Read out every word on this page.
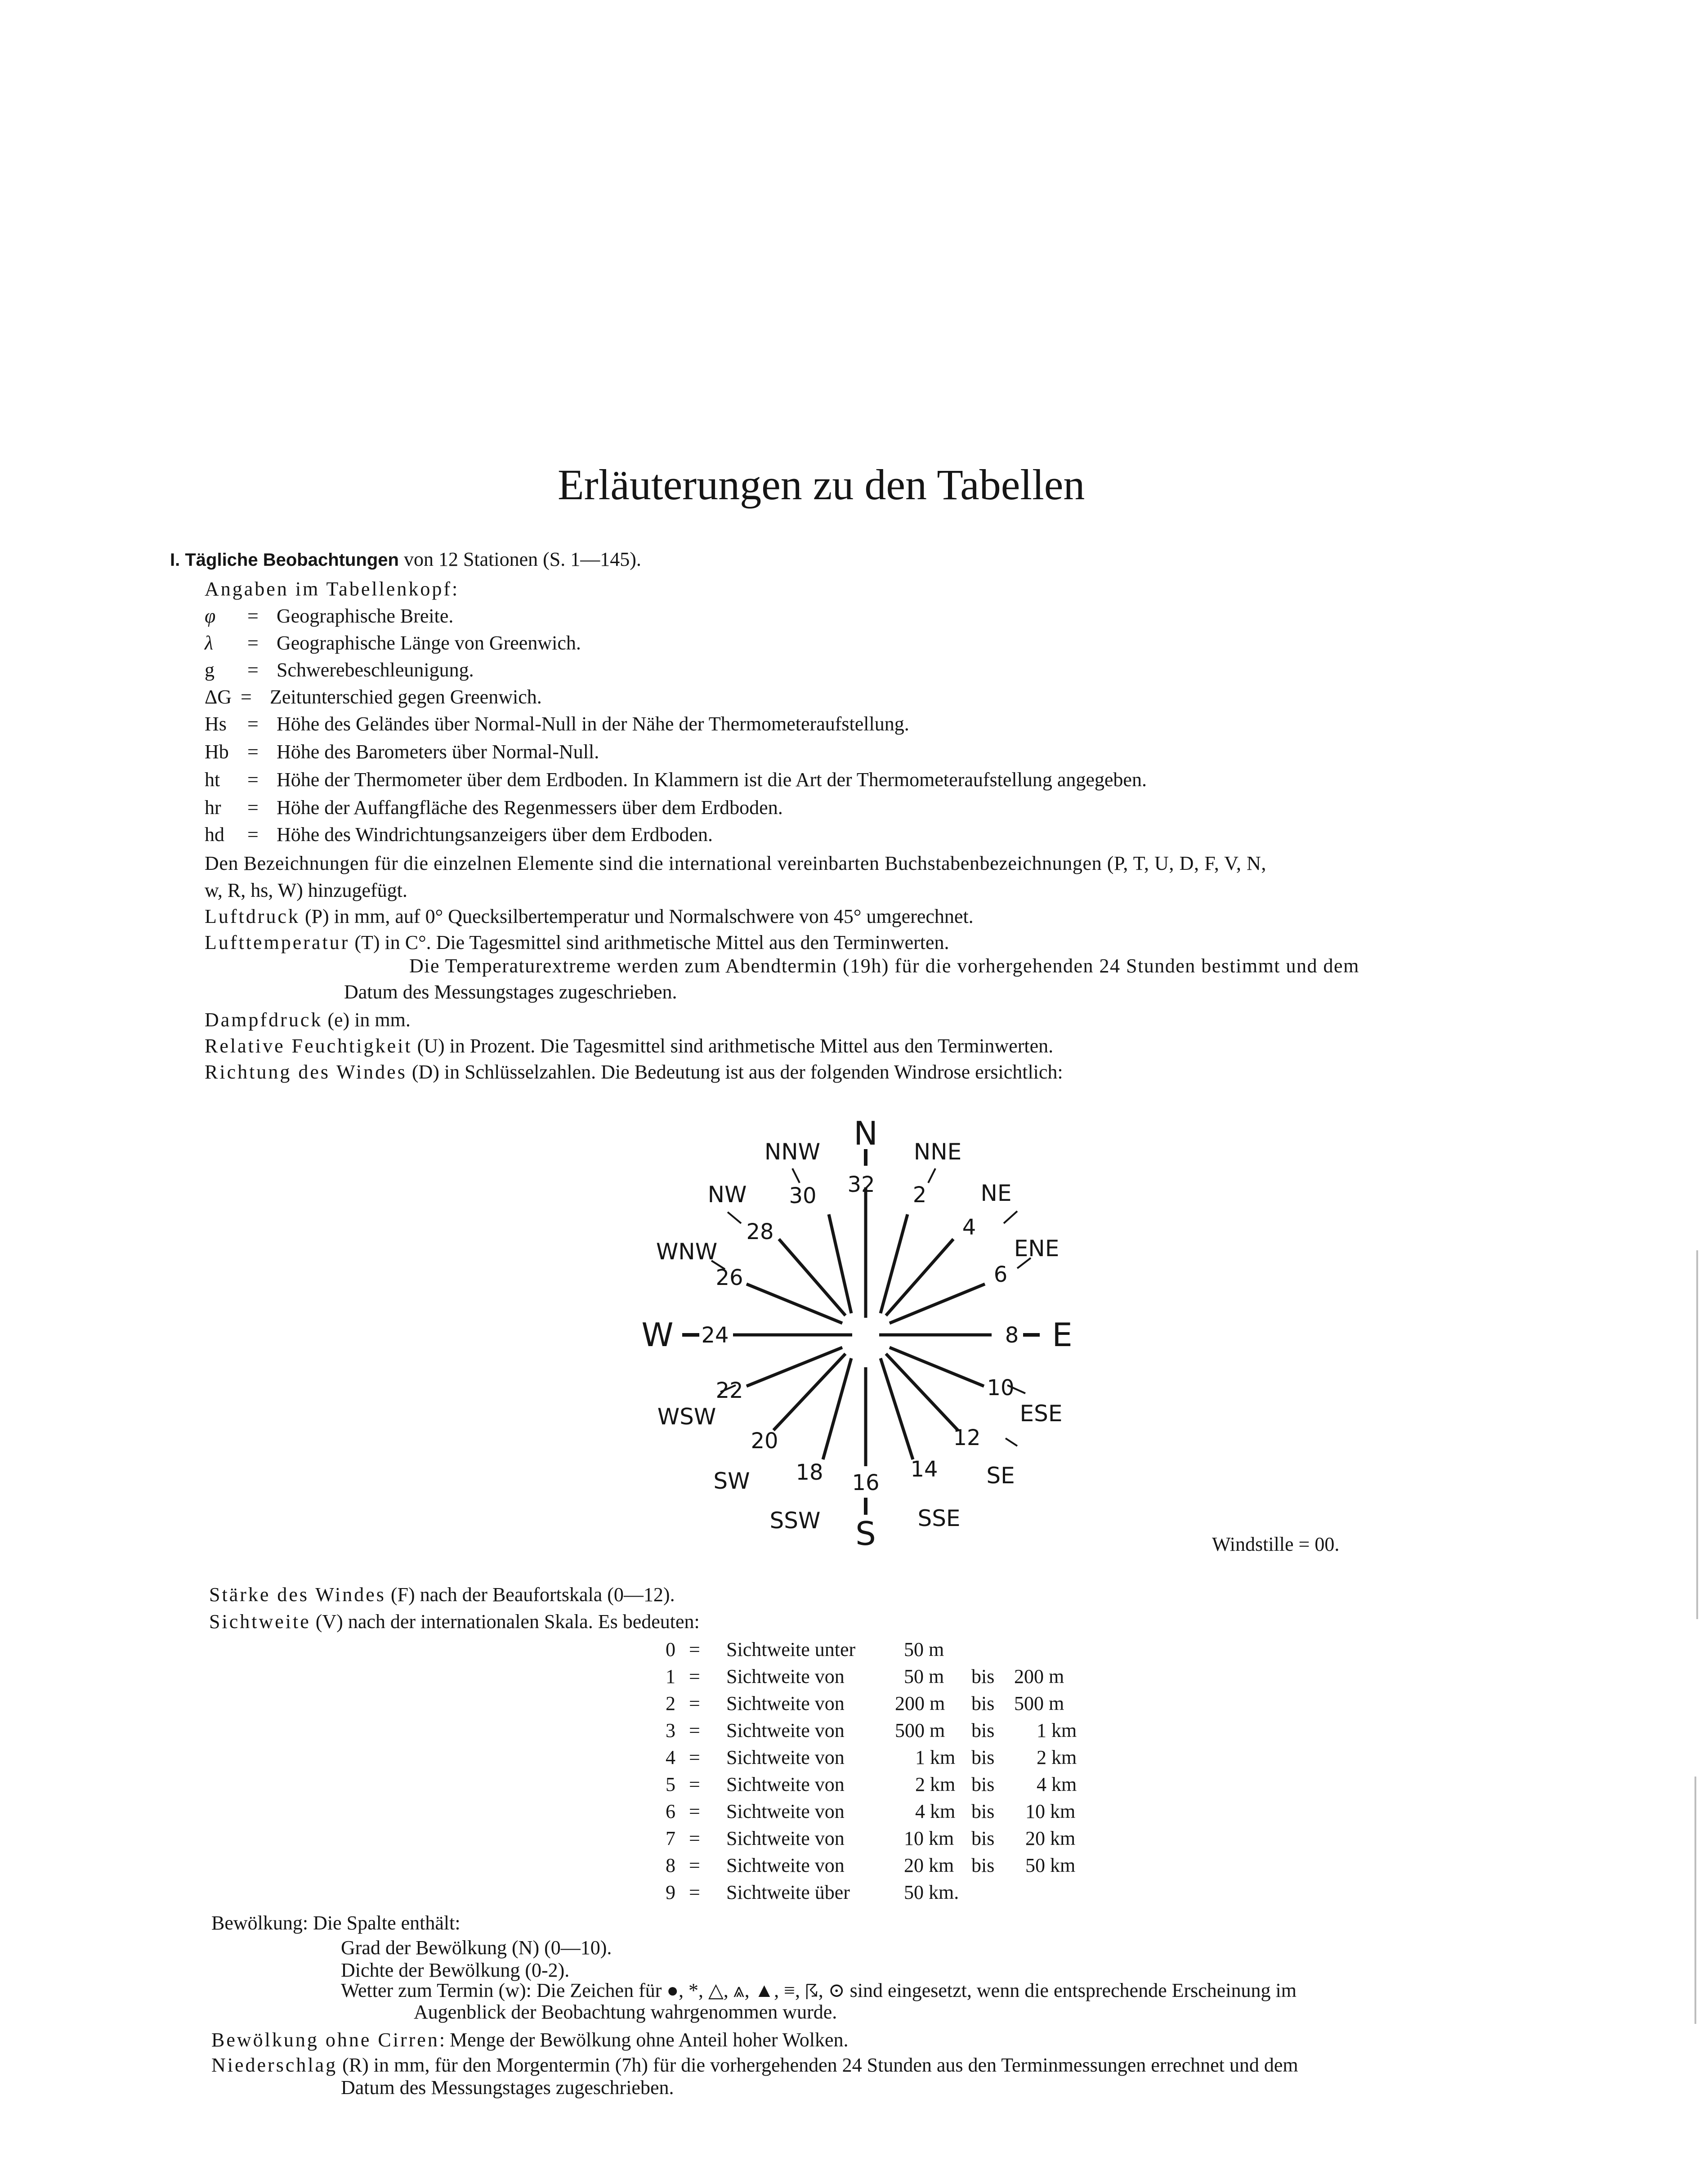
Erläuterungen zu den Tabellen
I. Tägliche Beobachtungen von 12 Stationen (S. 1—145).
Angaben im Tabellenkopf:
φ = Geographische Breite.
λ = Geographische Länge von Greenwich.
g = Schwerebeschleunigung.
ΔG = Zeitunterschied gegen Greenwich.
Hs = Höhe des Geländes über Normal-Null in der Nähe der Thermometeraufstellung.
Hb = Höhe des Barometers über Normal-Null.
ht = Höhe der Thermometer über dem Erdboden. In Klammern ist die Art der Thermometeraufstellung angegeben.
hr = Höhe der Auffangfläche des Regenmessers über dem Erdboden.
hd = Höhe des Windrichtungsanzeigers über dem Erdboden.
Den Bezeichnungen für die einzelnen Elemente sind die international vereinbarten Buchstabenbezeichnungen (P, T, U, D, F, V, N,
w, R, hs, W) hinzugefügt.
Luftdruck (P) in mm, auf 0° Quecksilbertemperatur und Normalschwere von 45° umgerechnet.
Lufttemperatur (T) in C°. Die Tagesmittel sind arithmetische Mittel aus den Terminwerten.
Die Temperaturextreme werden zum Abendtermin (19h) für die vorhergehenden 24 Stunden bestimmt und dem
Datum des Messungstages zugeschrieben.
Dampfdruck (e) in mm.
Relative Feuchtigkeit (U) in Prozent. Die Tagesmittel sind arithmetische Mittel aus den Terminwerten.
Richtung des Windes (D) in Schlüsselzahlen. Die Bedeutung ist aus der folgenden Windrose ersichtlich:
N
S
W	E
2
4
6
8
10
12
14
16
18
20
22
24
26
28
30 32
NNE
NE
ENE
ESE
SE
SSE
SSW
SW
WSW
WNW
NW
NNW
Windstille = 00.
Stärke des Windes (F) nach der Beaufortskala (0—12).
Sichtweite (V) nach der internationalen Skala. Es bedeuten:
0 = Sichtweite unter 50 m
1 = Sichtweite von	50 m bis 200 m
2 = Sichtweite von	200 m bis 500 m
3 = Sichtweite von	500 m bis 1 km
4 = Sichtweite von	1 km bis 2 km
5 = Sichtweite von	2 km bis 4 km
6 = Sichtweite von	4 km bis 10 km
7 = Sichtweite von	10 km bis 20 km
8 = Sichtweite von	20 km bis 50 km
9 = Sichtweite über	50 km.
Bewölkung: Die Spalte enthält:
Grad der Bewölkung (N) (0—10).
Dichte der Bewölkung (0-2).
Wetter zum Termin (w): Die Zeichen für ●, *, △, ⩓, ▲, ≡, ☈, ⊙ sind eingesetzt, wenn die entsprechende Erscheinung im
Augenblick der Beobachtung wahrgenommen wurde.
Bewölkung ohne Cirren: Menge der Bewölkung ohne Anteil hoher Wolken.
Niederschlag (R) in mm, für den Morgentermin (7h) für die vorhergehenden 24 Stunden aus den Terminmessungen errechnet und dem
Datum des Messungstages zugeschrieben.
